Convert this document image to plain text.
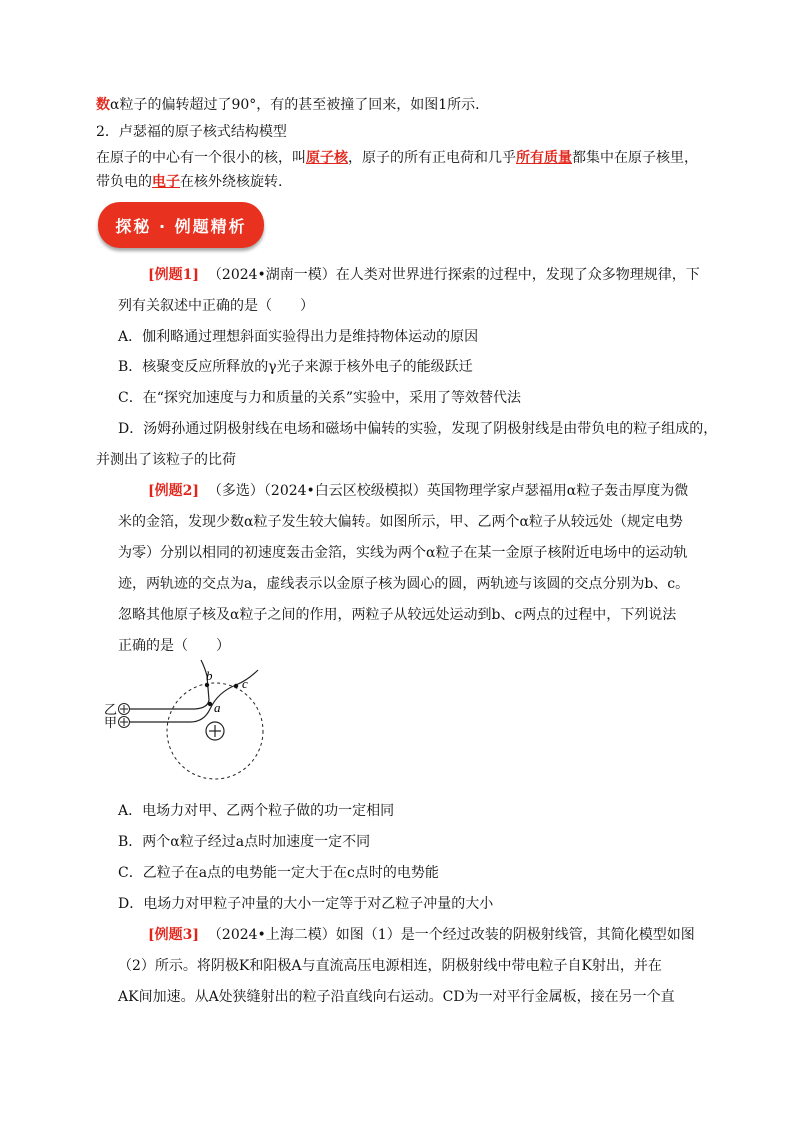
数α粒子的偏转超过了90°，有的甚至被撞了回来，如图1所示.
2．卢瑟福的原子核式结构模型
在原子的中心有一个很小的核，叫原子核，原子的所有正电荷和几乎所有质量都集中在原子核里，
带负电的电子在核外绕核旋转.
探秘 · 例题精析
[例题1] （2024•湖南一模）在人类对世界进行探索的过程中，发现了众多物理规律，下
列有关叙述中正确的是（　　）
A．伽利略通过理想斜面实验得出力是维持物体运动的原因
B．核聚变反应所释放的γ光子来源于核外电子的能级跃迁
C．在“探究加速度与力和质量的关系”实验中，采用了等效替代法
D．汤姆孙通过阴极射线在电场和磁场中偏转的实验，发现了阴极射线是由带负电的粒子组成的，
并测出了该粒子的比荷
[例题2] （多选）（2024•白云区校级模拟）英国物理学家卢瑟福用α粒子轰击厚度为微
米的金箔，发现少数α粒子发生较大偏转。如图所示，甲、乙两个α粒子从较远处（规定电势
为零）分别以相同的初速度轰击金箔，实线为两个α粒子在某一金原子核附近电场中的运动轨
迹，两轨迹的交点为a，虚线表示以金原子核为圆心的圆，两轨迹与该圆的交点分别为b、c。
忽略其他原子核及α粒子之间的作用，两粒子从较远处运动到b、c两点的过程中，下列说法
正确的是（　　）
b
c
a
乙
甲
A．电场力对甲、乙两个粒子做的功一定相同
B．两个α粒子经过a点时加速度一定不同
C．乙粒子在a点的电势能一定大于在c点时的电势能
D．电场力对甲粒子冲量的大小一定等于对乙粒子冲量的大小
[例题3] （2024•上海二模）如图（1）是一个经过改装的阴极射线管，其简化模型如图
（2）所示。将阴极K和阳极A与直流高压电源相连，阴极射线中带电粒子自K射出，并在
AK间加速。从A处狭缝射出的粒子沿直线向右运动。CD为一对平行金属板，接在另一个直
